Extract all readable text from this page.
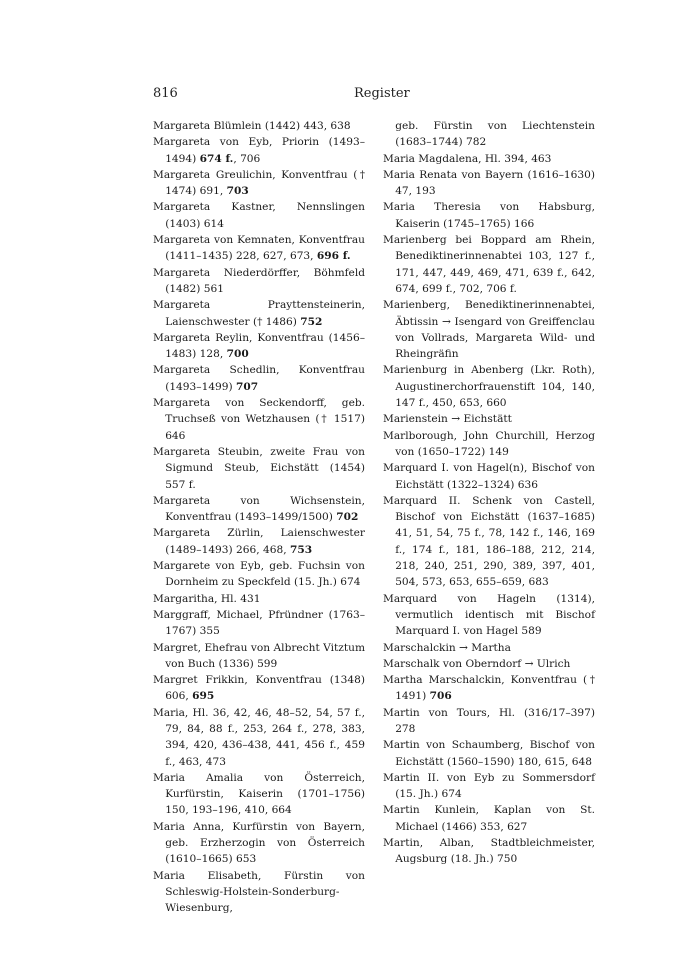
816	Register

Margareta Blümlein (1442) 443, 638

Margareta von Eyb, Priorin (1493–1494) 674 f., 706

Margareta Greulichin, Konventfrau († 1474) 691, 703

Margareta Kastner, Nennslingen (1403) 614

Margareta von Kemnaten, Konventfrau (1411–1435) 228, 627, 673, 696 f.

Margareta Niederdörffer, Böhmfeld (1482) 561

Margareta Prayttensteinerin, Laienschwester († 1486) 752

Margareta Reylin, Konventfrau (1456–1483) 128, 700

Margareta Schedlin, Konventfrau (1493–1499) 707

Margareta von Seckendorff, geb. Truchseß von Wetzhausen († 1517) 646

Margareta Steubin, zweite Frau von Sigmund Steub, Eichstätt (1454) 557 f.

Margareta von Wichsenstein, Konventfrau (1493–1499/1500) 702

Margareta Zürlin, Laienschwester (1489–1493) 266, 468, 753

Margarete von Eyb, geb. Fuchsin von Dornheim zu Speckfeld (15. Jh.) 674

Margaritha, Hl. 431

Marggraff, Michael, Pfründner (1763–1767) 355

Margret, Ehefrau von Albrecht Vitztum von Buch (1336) 599

Margret Frikkin, Konventfrau (1348) 606, 695

Maria, Hl. 36, 42, 46, 48–52, 54, 57 f., 79, 84, 88 f., 253, 264 f., 278, 383, 394, 420, 436–438, 441, 456 f., 459 f., 463, 473

Maria Amalia von Österreich, Kurfürstin, Kaiserin (1701–1756) 150, 193–196, 410, 664

Maria Anna, Kurfürstin von Bayern, geb. Erzherzogin von Österreich (1610–1665) 653

Maria Elisabeth, Fürstin von Schleswig-Holstein-Sonderburg-Wiesenburg,

geb. Fürstin von Liechtenstein (1683–1744) 782

Maria Magdalena, Hl. 394, 463

Maria Renata von Bayern (1616–1630) 47, 193

Maria Theresia von Habsburg, Kaiserin (1745–1765) 166

Marienberg bei Boppard am Rhein, Benediktinerinnenabtei 103, 127 f., 171, 447, 449, 469, 471, 639 f., 642, 674, 699 f., 702, 706 f.

Marienberg, Benediktinerinnenabtei, Äbtissin → Isengard von Greiffenclau von Vollrads, Margareta Wild- und Rheingräfin

Marienburg in Abenberg (Lkr. Roth), Augustinerchorfrauenstift 104, 140, 147 f., 450, 653, 660

Marienstein → Eichstätt

Marlborough, John Churchill, Herzog von (1650–1722) 149

Marquard I. von Hagel(n), Bischof von Eichstätt (1322–1324) 636

Marquard II. Schenk von Castell, Bischof von Eichstätt (1637–1685) 41, 51, 54, 75 f., 78, 142 f., 146, 169 f., 174 f., 181, 186–188, 212, 214, 218, 240, 251, 290, 389, 397, 401, 504, 573, 653, 655–659, 683

Marquard von Hageln (1314), vermutlich identisch mit Bischof Marquard I. von Hagel 589

Marschalckin → Martha

Marschalk von Oberndorf → Ulrich

Martha Marschalckin, Konventfrau († 1491) 706

Martin von Tours, Hl. (316/17–397) 278

Martin von Schaumberg, Bischof von Eichstätt (1560–1590) 180, 615, 648

Martin II. von Eyb zu Sommersdorf (15. Jh.) 674

Martin Kunlein, Kaplan von St. Michael (1466) 353, 627

Martin, Alban, Stadtbleichmeister, Augsburg (18. Jh.) 750
